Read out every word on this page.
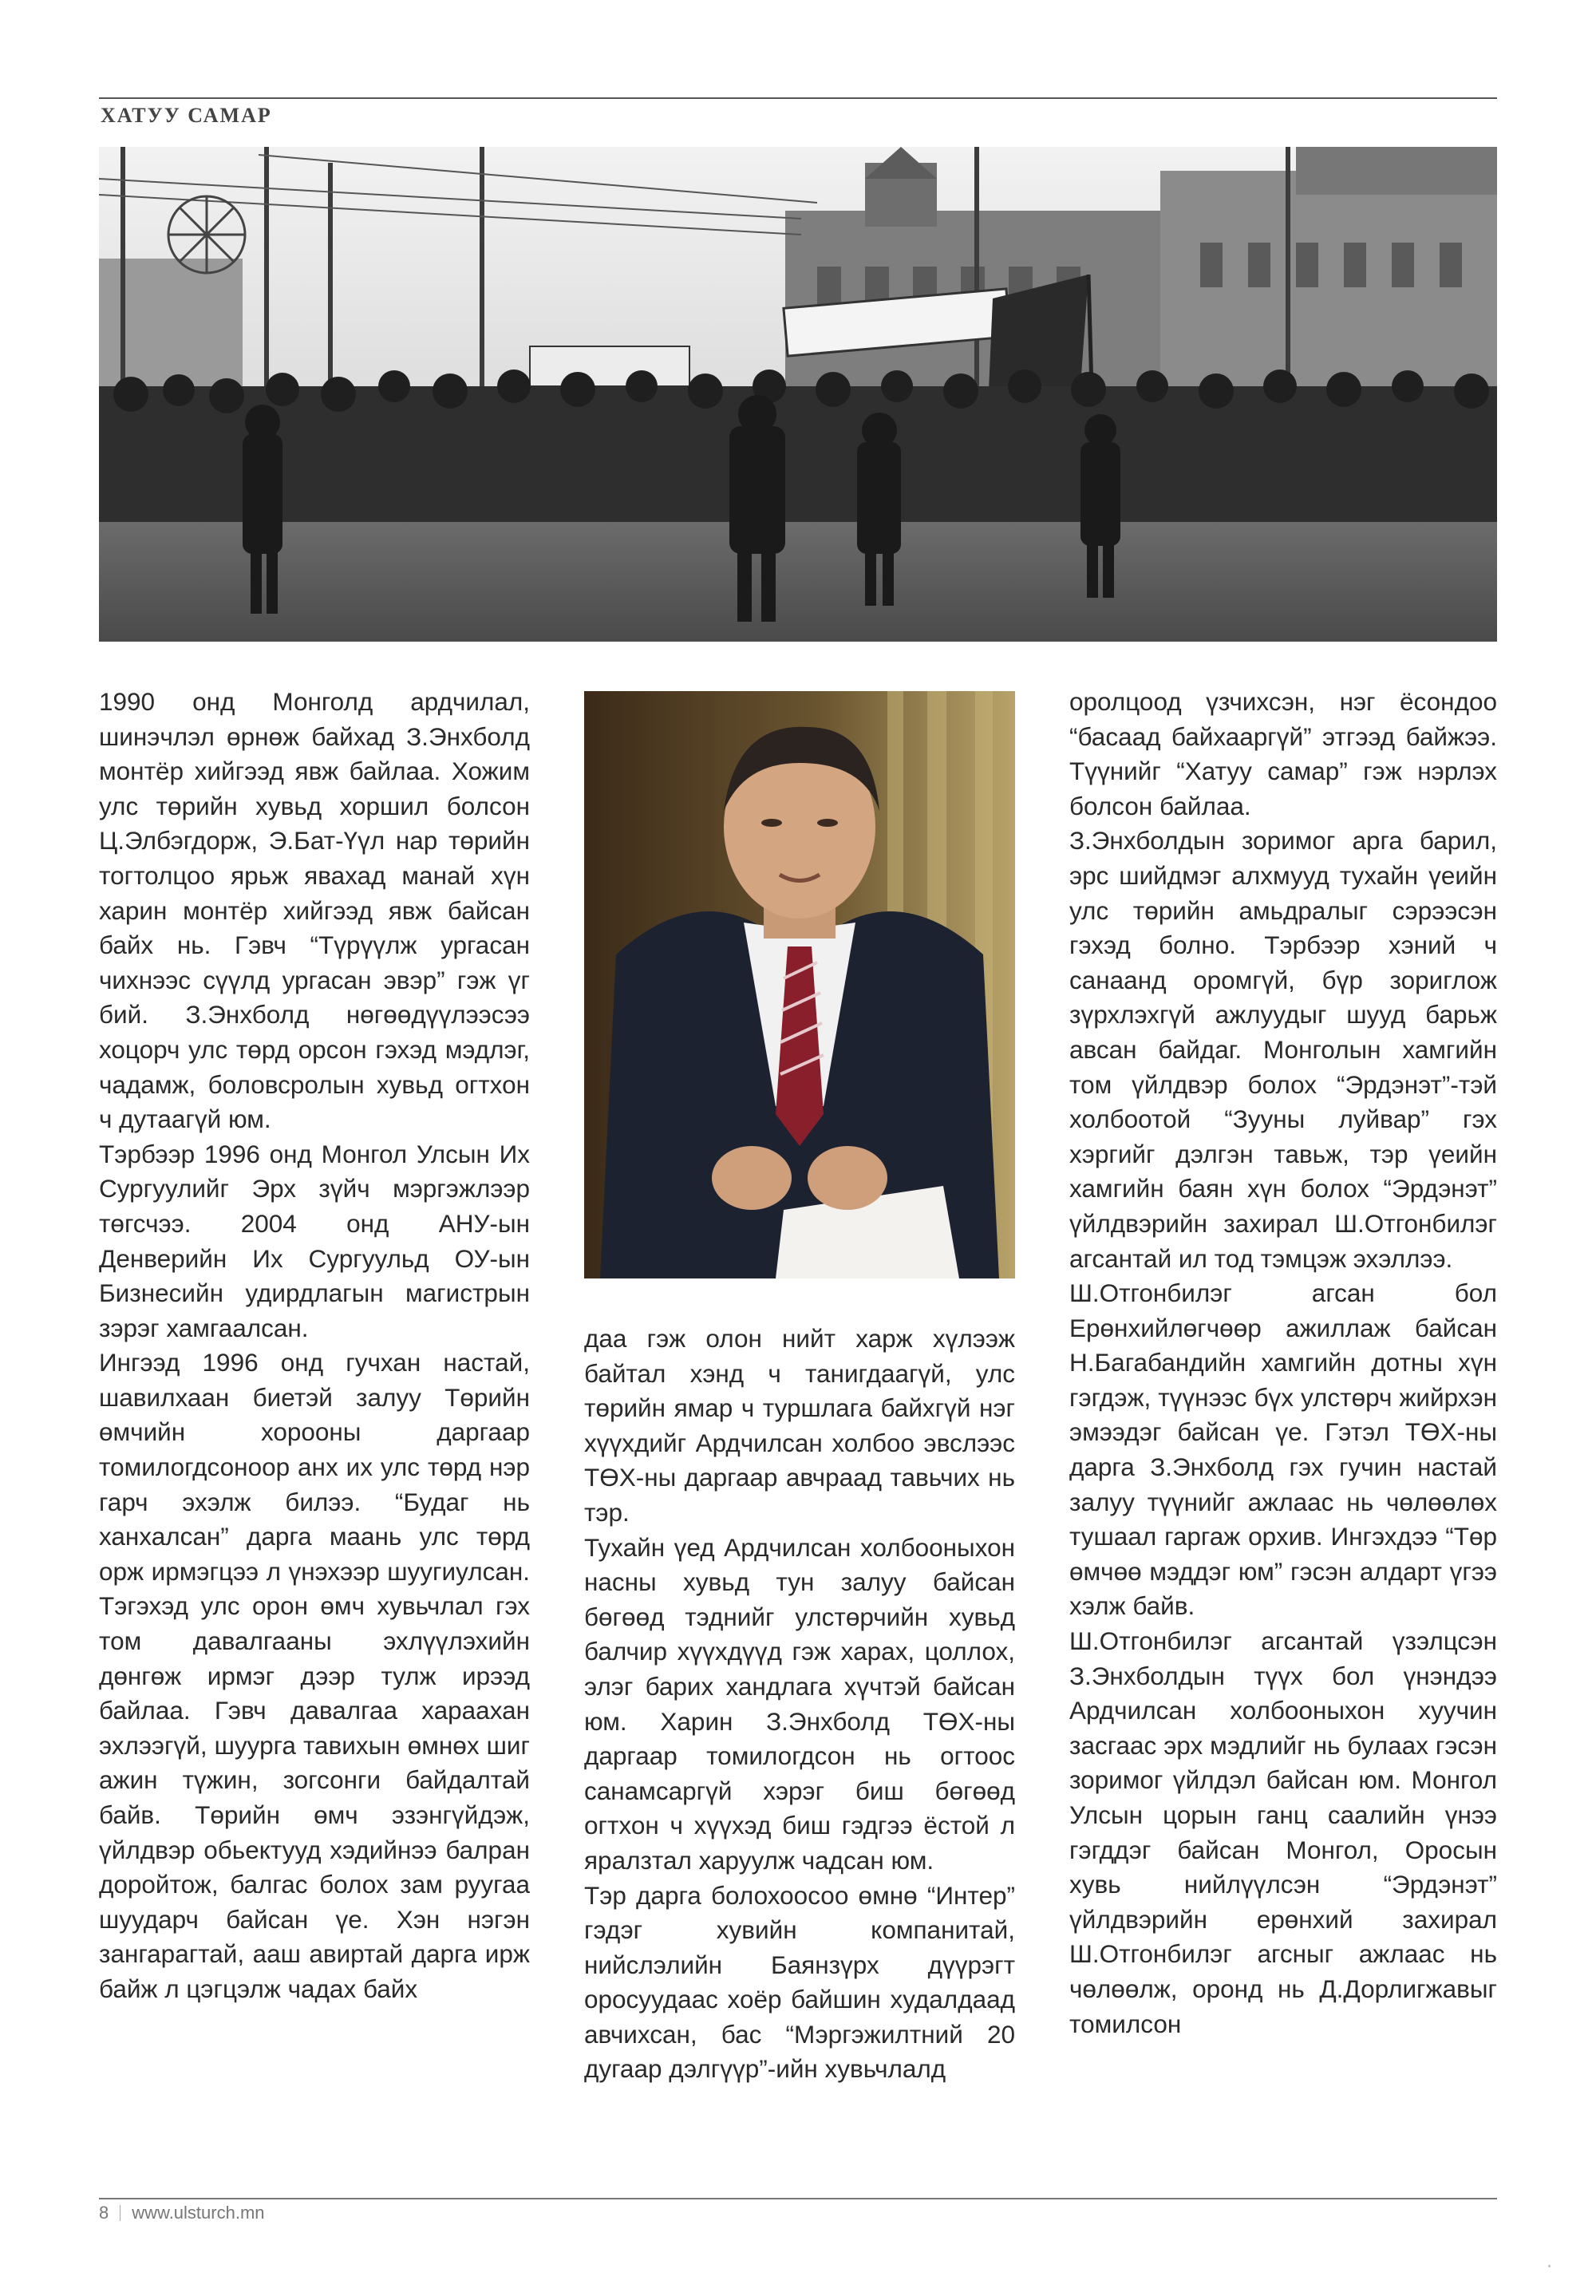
ХАТУУ САМАР

1990 онд Монголд ардчилал, шинэчлэл өрнөж байхад З.Энхболд монтёр хийгээд явж байлаа. Хожим улс төрийн хувьд хоршил болсон Ц.Элбэгдорж, Э.Бат-Үүл нар төрийн тогтолцоо ярьж явахад манай хүн харин монтёр хийгээд явж байсан байх нь. Гэвч “Түрүүлж ургасан чихнээс сүүлд ургасан эвэр” гэж үг бий. З.Энхболд нөгөөдүүлээсээ хоцорч улс төрд орсон гэхэд мэдлэг, чадамж, боловсролын хувьд огтхон ч дутаагүй юм.

Тэрбээр 1996 онд Монгол Улсын Их Сургуулийг Эрх зүйч мэргэжлээр төгсчээ. 2004 онд АНУ-ын Денверийн Их Сургуульд ОУ-ын Бизнесийн удирдлагын магистрын зэрэг хамгаалсан.

Ингээд 1996 онд гучхан настай, шавилхаан биетэй залуу Төрийн өмчийн хорооны даргаар томилогдсоноор анх их улс төрд нэр гарч эхэлж билээ. “Будаг нь ханхалсан” дарга маань улс төрд орж ирмэгцээ л үнэхээр шуугиулсан. Тэгэхэд улс орон өмч хувьчлал гэх том давалгааны эхлүүлэхийн дөнгөж ирмэг дээр тулж ирээд байлаа. Гэвч давалгаа хараахан эхлээгүй, шуурга тавихын өмнөх шиг ажин түжин, зогсонги байдалтай байв. Төрийн өмч эзэнгүйдэж, үйлдвэр обьектууд хэдийнээ балран доройтож, балгас болох зам руугаа шуударч байсан үе. Хэн нэгэн зангарагтай, ааш авиртай дарга ирж байж л цэгцэлж чадах байх

даа гэж олон нийт харж хүлээж байтал хэнд ч танигдаагүй, улс төрийн ямар ч туршлага байхгүй нэг хүүхдийг Ардчилсан холбоо эвслээс ТӨХ-ны даргаар авчраад тавьчих нь тэр.

Тухайн үед Ардчилсан холбооныхон насны хувьд тун залуу байсан бөгөөд тэднийг улстөрчийн хувьд балчир хүүхдүүд гэж харах, цоллох, элэг барих хандлага хүчтэй байсан юм. Харин З.Энхболд ТӨХ-ны даргаар томилогдсон нь огтоос санамсаргүй хэрэг биш бөгөөд огтхон ч хүүхэд биш гэдгээ ёстой л яралзтал харуулж чадсан юм.

Тэр дарга болохоосоо өмнө “Интер” гэдэг хувийн компанитай, нийслэлийн Баянзүрх дүүрэгт оросуудаас хоёр байшин худалдаад авчихсан, бас “Мэргэжилтний 20 дугаар дэлгүүр”-ийн хувьчлалд

оролцоод үзчихсэн, нэг ёсондоо “басаад байхааргүй” этгээд байжээ. Түүнийг “Хатуу самар” гэж нэрлэх болсон байлаа.

З.Энхболдын зоримог арга барил, эрс шийдмэг алхмууд тухайн үеийн улс төрийн амьдралыг сэрээсэн гэхэд болно. Тэрбээр хэний ч санаанд оромгүй, бүр зориглож зүрхлэхгүй ажлуудыг шууд барьж авсан байдаг. Монголын хамгийн том үйлдвэр болох “Эрдэнэт”-тэй холбоотой “Зууны луйвар” гэх хэргийг дэлгэн тавьж, тэр үеийн хамгийн баян хүн болох “Эрдэнэт” үйлдвэрийн захирал Ш.Отгонбилэг агсантай ил тод тэмцэж эхэллээ.

Ш.Отгонбилэг агсан бол Ерөнхийлөгчөөр ажиллаж байсан Н.Багабандийн хамгийн дотны хүн гэгдэж, түүнээс бүх улстөрч жийрхэн эмээдэг байсан үе. Гэтэл ТӨХ-ны дарга З.Энхболд гэх гучин настай залуу түүнийг ажлаас нь чөлөөлөх тушаал гаргаж орхив. Ингэхдээ “Төр өмчөө мэддэг юм” гэсэн алдарт үгээ хэлж байв.

Ш.Отгонбилэг агсантай үзэлцсэн З.Энхболдын түүх бол үнэндээ Ардчилсан холбооныхон хуучин засгаас эрх мэдлийг нь булаах гэсэн зоримог үйлдэл байсан юм. Монгол Улсын цорын ганц саалийн үнээ гэгддэг байсан Монгол, Оросын хувь нийлүүлсэн “Эрдэнэт” үйлдвэрийн ерөнхий захирал Ш.Отгонбилэг агсныг ажлаас нь чөлөөлж, оронд нь Д.Дорлигжавыг томилсон

8 www.ulsturch.mn
